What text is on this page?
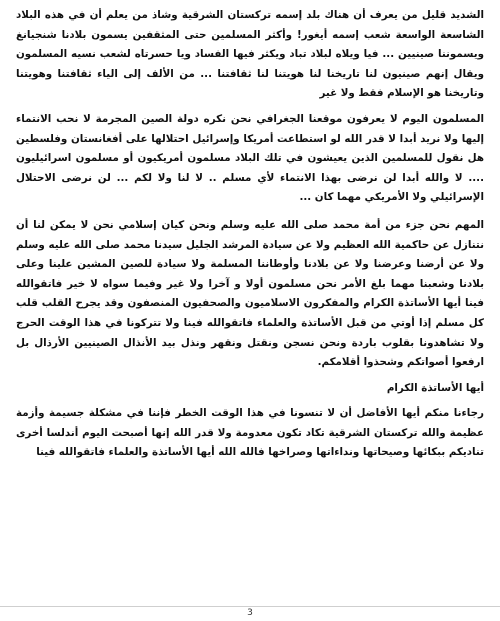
الشديد قليل من يعرف أن هناك بلد إسمه تركستان الشرقية وشاذ من يعلم أن في هذه البلاد الشاسعة الواسعة شعب إسمه أيغور! وأكثر المسلمين حتى المثقفين يسمون بلادنا شنجيانغ ويسموننا صينيين ... فيا ويلاه لبلاد تباد ويكثر فيها الفساد ويا حسرتاه لشعب نسيه المسلمون ويقال إنهم صينيون لنا تاريخنا لنا هويتنا لنا ثقافتنا ... من الألف إلى الياء ثقافتنا وهويتنا وتاريخنا هو الإسلام فقط ولا غير

المسلمون اليوم لا يعرفون موقعنا الجغرافي نحن نكره دولة الصين المجرمة لا نحب الانتماء إليها ولا نريد أبدا لا قدر الله لو استطاعت أمريكا وإسرائيل احتلالها على أفغانستان وفلسطين هل نقول للمسلمين الذين يعيشون في تلك البلاد مسلمون أمريكيون أو مسلمون اسرائيليون .... لا والله أبدا لن نرضى بهذا الانتماء لأي مسلم .. لا لنا ولا لكم ... لن نرضى الاحتلال الإسرائيلي ولا الأمريكي مهما كان ...

المهم نحن جزء من أمة محمد صلى الله عليه وسلم ونحن كيان إسلامي نحن لا يمكن لنا أن نتنازل عن حاكمية الله العظيم ولا عن سيادة المرشد الجليل سيدنا محمد صلى الله عليه وسلم ولا عن أرضنا وعرضنا ولا عن بلادنا وأوطاننا المسلمة ولا سيادة للصين المشين علينا وعلى بلادنا وشعبنا مهما بلغ الأمر نحن مسلمون أولا و آخرا ولا غير وفيما سواه لا خير فاتقوالله فينا أيها الأساتذة الكرام والمفكرون الاسلاميون والصحفيون المنصفون وقد يجرح القلب قلب كل مسلم إذا أوتي من قبل الأساتذة والعلماء فاتقوالله فينا ولا تتركونا في هذا الوقت الحرج ولا تشاهدونا بقلوب باردة ونحن نسجن ونقتل ونقهر ونذل بيد الأنذال الصينيين الأرذال بل ارفعوا أصواتكم وشحذوا أقلامكم.

أيها الأساتذة الكرام

رجاءنا منكم أيها الأفاضل أن لا تنسونا في هذا الوقت الخطر فإننا في مشكلة جسيمة وأزمة عظيمة والله تركستان الشرقية تكاد تكون معدومة ولا قدر الله إنها أصبحت اليوم أندلسا أخرى تناديكم ببكائها وصيحاتها ونداءاتها وصراخها فالله الله أيها الأساتذة والعلماء فاتقوالله فينا

3
